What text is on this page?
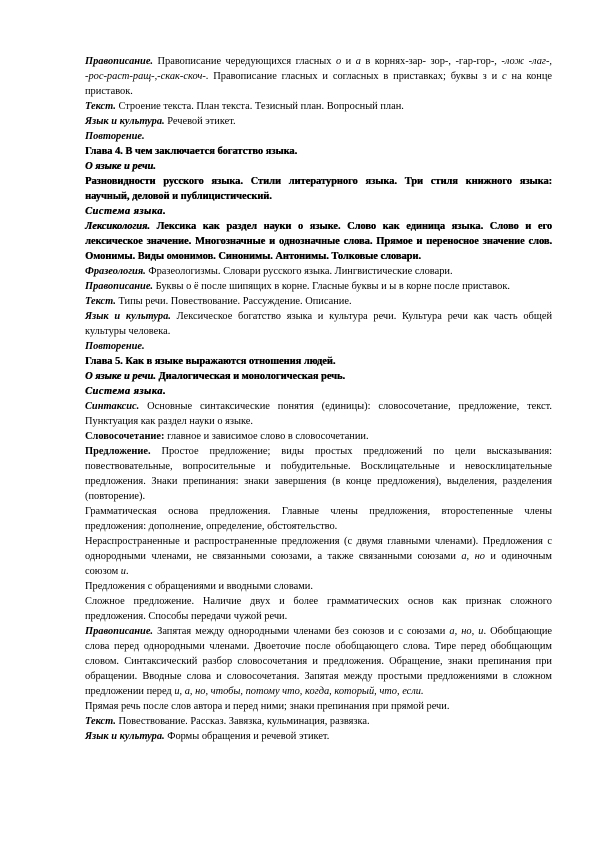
Правописание. Правописание чередующихся гласных о и а в корнях-зар- зор-, -гар-гор-, -лож -лаг-, -рос-раст-ращ-,-скак-скоч-. Правописание гласных и согласных в приставках; буквы з и с на конце приставок.

Текст. Строение текста. План текста. Тезисный план. Вопросный план.

Язык и культура. Речевой этикет.

Повторение.

Глава 4. В чем заключается богатство языка.

О языке и речи.

Разновидности русского языка. Стили литературного языка. Три стиля книжного языка: научный, деловой и публицистический.

Система языка.

Лексикология. Лексика как раздел науки о языке. Слово как единица языка. Слово и его лексическое значение. Многозначные и однозначные слова. Прямое и переносное значение слов. Омонимы. Виды омонимов. Синонимы. Антонимы. Толковые словари.

Фразеология. Фразеологизмы. Словари русского языка. Лингвистические словари.

Правописание. Буквы о ё после шипящих в корне. Гласные буквы и ы в корне после приставок.

Текст. Типы речи. Повествование. Рассуждение. Описание.

Язык и культура. Лексическое богатство языка и культура речи. Культура речи как часть общей культуры человека.

Повторение.

Глава 5. Как в языке выражаются отношения людей.

О языке и речи. Диалогическая и монологическая речь.

Система языка.

Синтаксис. Основные синтаксические понятия (единицы): словосочетание, предложение, текст. Пунктуация как раздел науки о языке.

Словосочетание: главное и зависимое слово в словосочетании.

Предложение. Простое предложение; виды простых предложений по цели высказывания: повествовательные, вопросительные и побудительные. Восклицательные и невосклицательные предложения. Знаки препинания: знаки завершения (в конце предложения), выделения, разделения (повторение).

Грамматическая основа предложения. Главные члены предложения, второстепенные члены предложения: дополнение, определение, обстоятельство.

Нераспространенные и распространенные предложения (с двумя главными членами). Предложения с однородными членами, не связанными союзами, а также связанными союзами а, но и одиночным союзом и.

Предложения с обращениями и вводными словами.

Сложное предложение. Наличие двух и более грамматических основ как признак сложного предложения. Способы передачи чужой речи.

Правописание. Запятая между однородными членами без союзов и с союзами а, но, и. Обобщающие слова перед однородными членами. Двоеточие после обобщающего слова. Тире перед обобщающим словом. Синтаксический разбор словосочетания и предложения. Обращение, знаки препинания при обращении. Вводные слова и словосочетания. Запятая между простыми предложениями в сложном предложении перед и, а, но, чтобы, потому что, когда, который, что, если.

Прямая речь после слов автора и перед ними; знаки препинания при прямой речи.

Текст. Повествование. Рассказ. Завязка, кульминация, развязка.

Язык и культура. Формы обращения и речевой этикет.
